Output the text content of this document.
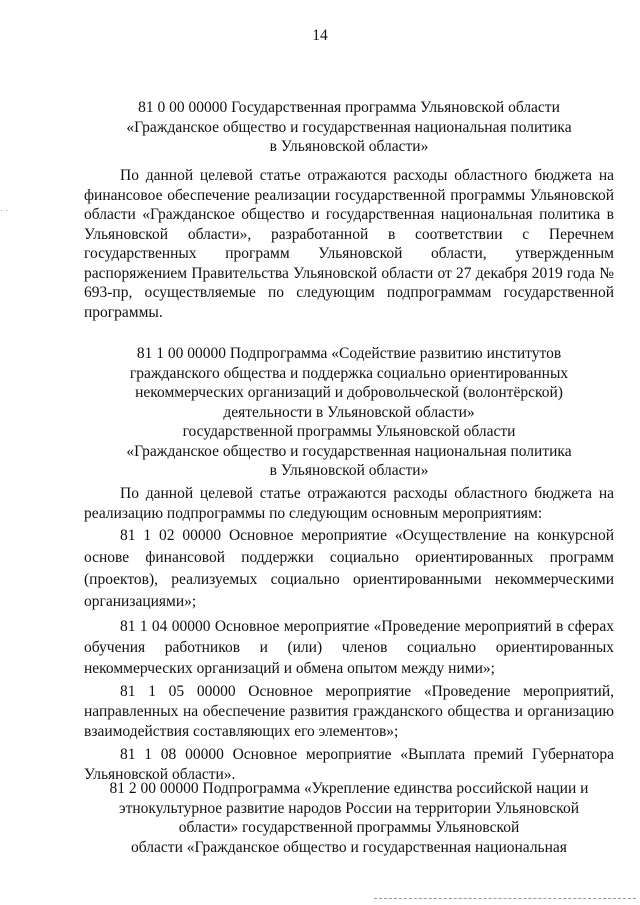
14
· ·
81 0 00 00000 Государственная программа Ульяновской области
«Гражданское общество и государственная национальная политика
в Ульяновской области»

По данной целевой статье отражаются расходы областного бюджета на финансовое обеспечение реализации государственной программы Ульяновской области «Гражданское общество и государственная национальная политика в Ульяновской области», разработанной в соответствии с Перечнем государственных программ Ульяновской области, утвержденным распоряжением Правительства Ульяновской области от 27 декабря 2019 года № 693-пр, осуществляемые по следующим подпрограммам государственной программы.

81 1 00 00000 Подпрограмма «Содействие развитию институтов
гражданского общества и поддержка социально ориентированных
некоммерческих организаций и добровольческой (волонтёрской)
деятельности в Ульяновской области»
государственной программы Ульяновской области
«Гражданское общество и государственная национальная политика
в Ульяновской области»

По данной целевой статье отражаются расходы областного бюджета на реализацию подпрограммы по следующим основным мероприятиям:

81 1 02 00000 Основное мероприятие «Осуществление на конкурсной основе финансовой поддержки социально ориентированных программ (проектов), реализуемых социально ориентированными некоммерческими организациями»;

81 1 04 00000 Основное мероприятие «Проведение мероприятий в сферах обучения работников и (или) членов социально ориентированных некоммерческих организаций и обмена опытом между ними»;

81 1 05 00000 Основное мероприятие «Проведение мероприятий, направленных на обеспечение развития гражданского общества и организацию взаимодействия составляющих его элементов»;

81 1 08 00000 Основное мероприятие «Выплата премий Губернатора Ульяновской области».

81 2 00 00000 Подпрограмма «Укрепление единства российской нации и
этнокультурное развитие народов России на территории Ульяновской
области» государственной программы Ульяновской
области «Гражданское общество и государственная национальная
